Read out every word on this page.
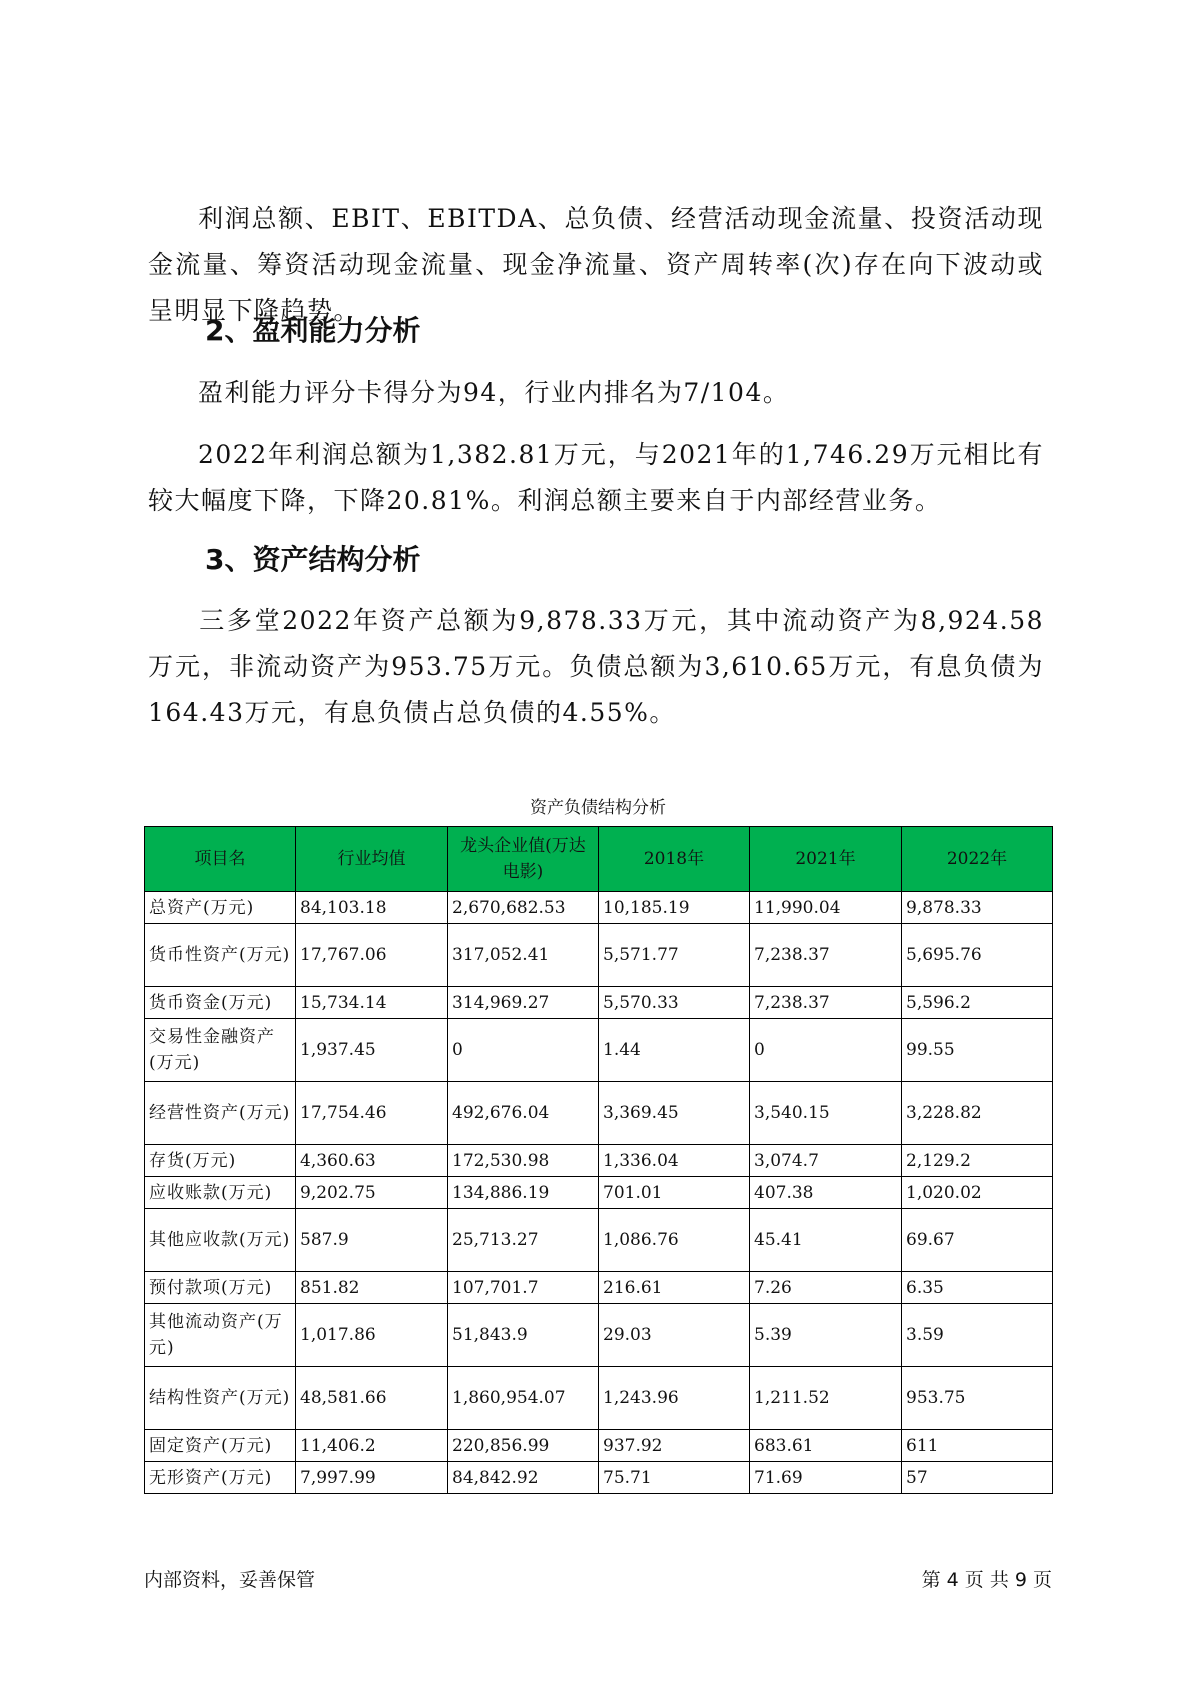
利润总额、EBIT、EBITDA、总负债、经营活动现金流量、投资活动现金流量、筹资活动现金流量、现金净流量、资产周转率(次)存在向下波动或呈明显下降趋势。

2、盈利能力分析

盈利能力评分卡得分为94，行业内排名为7/104。

2022年利润总额为1,382.81万元，与2021年的1,746.29万元相比有较大幅度下降，下降20.81%。利润总额主要来自于内部经营业务。

3、资产结构分析

三多堂2022年资产总额为9,878.33万元，其中流动资产为8,924.58万元，非流动资产为953.75万元。负债总额为3,610.65万元，有息负债为164.43万元，有息负债占总负债的4.55%。

资产负债结构分析
项目名	行业均值	龙头企业值(万达电影)	2018年	2021年	2022年
总资产(万元)	84,103.18	2,670,682.53	10,185.19	11,990.04	9,878.33
货币性资产(万元)	17,767.06	317,052.41	5,571.77	7,238.37	5,695.76
货币资金(万元)	15,734.14	314,969.27	5,570.33	7,238.37	5,596.2
交易性金融资产(万元)	1,937.45	0	1.44	0	99.55
经营性资产(万元)	17,754.46	492,676.04	3,369.45	3,540.15	3,228.82
存货(万元)	4,360.63	172,530.98	1,336.04	3,074.7	2,129.2
应收账款(万元)	9,202.75	134,886.19	701.01	407.38	1,020.02
其他应收款(万元)	587.9	25,713.27	1,086.76	45.41	69.67
预付款项(万元)	851.82	107,701.7	216.61	7.26	6.35
其他流动资产(万元)	1,017.86	51,843.9	29.03	5.39	3.59
结构性资产(万元)	48,581.66	1,860,954.07	1,243.96	1,211.52	953.75
固定资产(万元)	11,406.2	220,856.99	937.92	683.61	611
无形资产(万元)	7,997.99	84,842.92	75.71	71.69	57
内部资料，妥善保管	第 4 页 共 9 页
